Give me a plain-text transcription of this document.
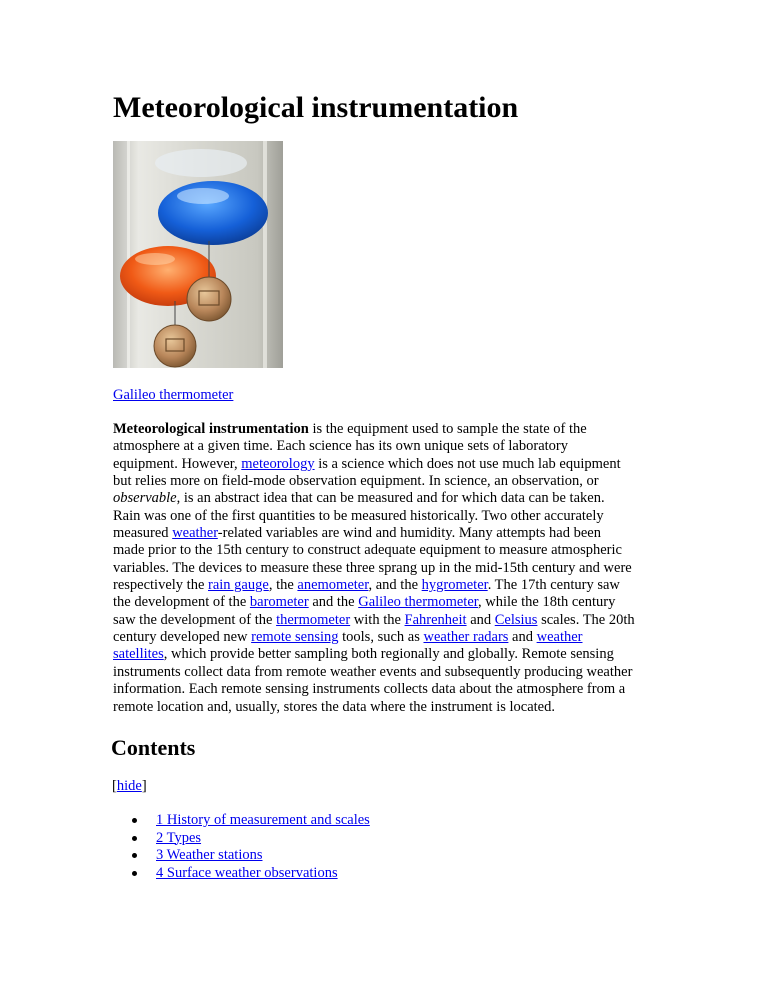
Meteorological instrumentation

Galileo thermometer

Meteorological instrumentation is the equipment used to sample the state of the
atmosphere at a given time. Each science has its own unique sets of laboratory
equipment. However, meteorology is a science which does not use much lab equipment
but relies more on field-mode observation equipment. In science, an observation, or
observable, is an abstract idea that can be measured and for which data can be taken.
Rain was one of the first quantities to be measured historically. Two other accurately
measured weather-related variables are wind and humidity. Many attempts had been
made prior to the 15th century to construct adequate equipment to measure atmospheric
variables. The devices to measure these three sprang up in the mid-15th century and were
respectively the rain gauge, the anemometer, and the hygrometer. The 17th century saw
the development of the barometer and the Galileo thermometer, while the 18th century
saw the development of the thermometer with the Fahrenheit and Celsius scales. The 20th
century developed new remote sensing tools, such as weather radars and weather
satellites, which provide better sampling both regionally and globally. Remote sensing
instruments collect data from remote weather events and subsequently producing weather
information. Each remote sensing instruments collects data about the atmosphere from a
remote location and, usually, stores the data where the instrument is located.

Contents

[hide]

1 History of measurement and scales
2 Types
3 Weather stations
4 Surface weather observations
